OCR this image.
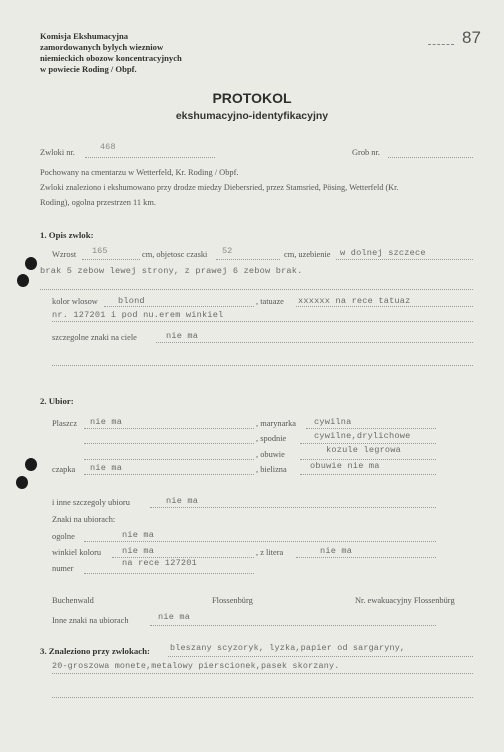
Komisja Ekshumacyjna
zamordowanych bylych wiezniow
niemieckich obozow koncentracyjnych
w powiecie Roding / Obpf.
87
PROTOKOL
ekshumacyjno-identyfikacyjny
Zwloki nr.
468
Grob nr.
Pochowany na cmentarzu w Wetterfeld, Kr. Roding / Obpf.
Zwloki znaleziono i ekshumowano przy drodze miedzy Diebersried, przez Stamsried, Pösing, Wetterfeld (Kr.
Roding), ogolna przestrzen 11 km.
1. Opis zwlok:
Wzrost 165	cm, objetosc czaski 52	cm, uzebienie w dolnej szczece
brak 5 zebow lewej strony, z prawej 6 zebow brak.
kolor wlosow blond	, tatuaze xxxxxx na rece tatuaz
nr. 127201 i pod nu.erem winkiel
szczegolne znaki na ciele	nie ma
2. Ubior:
Plaszcz nie ma	, marynarka cywilna
, spodnie	cywilne,drylichowe
, obuwie	kozule legrowa
czapka nie ma	, bielizna	obuwie nie ma
i inne szczegoly ubioru	nie ma
Znaki na ubiorach:
ogolne	nie ma
winkiel koloru nie ma	, z litera	nie ma
numer
na rece 127201
Buchenwald	Flossenbürg	Nr. ewakuacyjny Flossenbürg
Inne znaki na ubiorach	nie ma
3. Znaleziono przy zwlokach: bleszany scyzoryk, lyzka,papier od sargaryny,
20-groszowa monete,metalowy pierscionek,pasek skorzany.
